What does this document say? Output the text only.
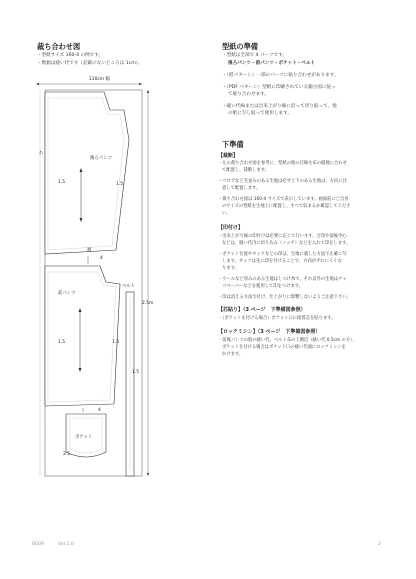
裁ち合わせ図
・型紙サイズ 160-4 の例です。
・数値は縫い代です（記載のないところは 1cm）。
110cm 幅
わ
2.5m
後ろパンツ
前パンツ
ベルト
ポケット
裾
1.5	1.5
1.5	1.5
4
4
1.5
2.5
型紙の準備
・型紙は全部で 4 パーツです。
後ろパンツ・前パンツ・ポケット・ベルト
・（紙パターン）一部のパーツに貼り合わせがあります。
・（PDF パターン）型紙に印刷されている縮小図に従っ
て貼り合わせます。
・縫い代線または出来上がり線に沿って切り取って、他
の紙に写し取って使用します。
下準備
【裁断】
・左の裁ち合わせ図を参考に、型紙の地の目線を布の縦地に合わせ
て配置し、裁断します。
・ベロアなど毛並みのある生地は必ず上下のある生地は、方向に注
意して配置します。
・裁ち合わせ図は 160-4 サイズで表示しています。画面前にご自身
のサイズの型紙を生地上に配置し、すべて収まるか確認してくださ
い。
【印付け】
・出来上がり線の印付けは必要に応じて行います。合印や前後中心
などは、縫い代内に切り込み（ノッチ）などを入れて印をします。
・ポケット位置やタックなどの印は、生地に適した方法で正確に写
します。タックは先に印を付けることで、方向がずれにくくな
ります。
・ウールなど厚みのある生地はしつけ糸で、それ以外の生地はチャ
コペーパーなどを使用して印をつけます。
・印は消える方法で付け、仕上がりに影響しないようご注意下さい。
【芯貼り】（3 ページ　下準備図参照）
・（ポケットを付ける場合）ポケット口に接着芯を貼ります。
【ロックミシン】（3 ページ　下準備図参照）
・前後パンツの股の縫い代、ベルト布の上側辺（縫い代 0.5cm の方）、
ポケットを付ける場合はポケット口の縫い代端にロックミシンを
かけます。
B009	Ver.1.0	2
